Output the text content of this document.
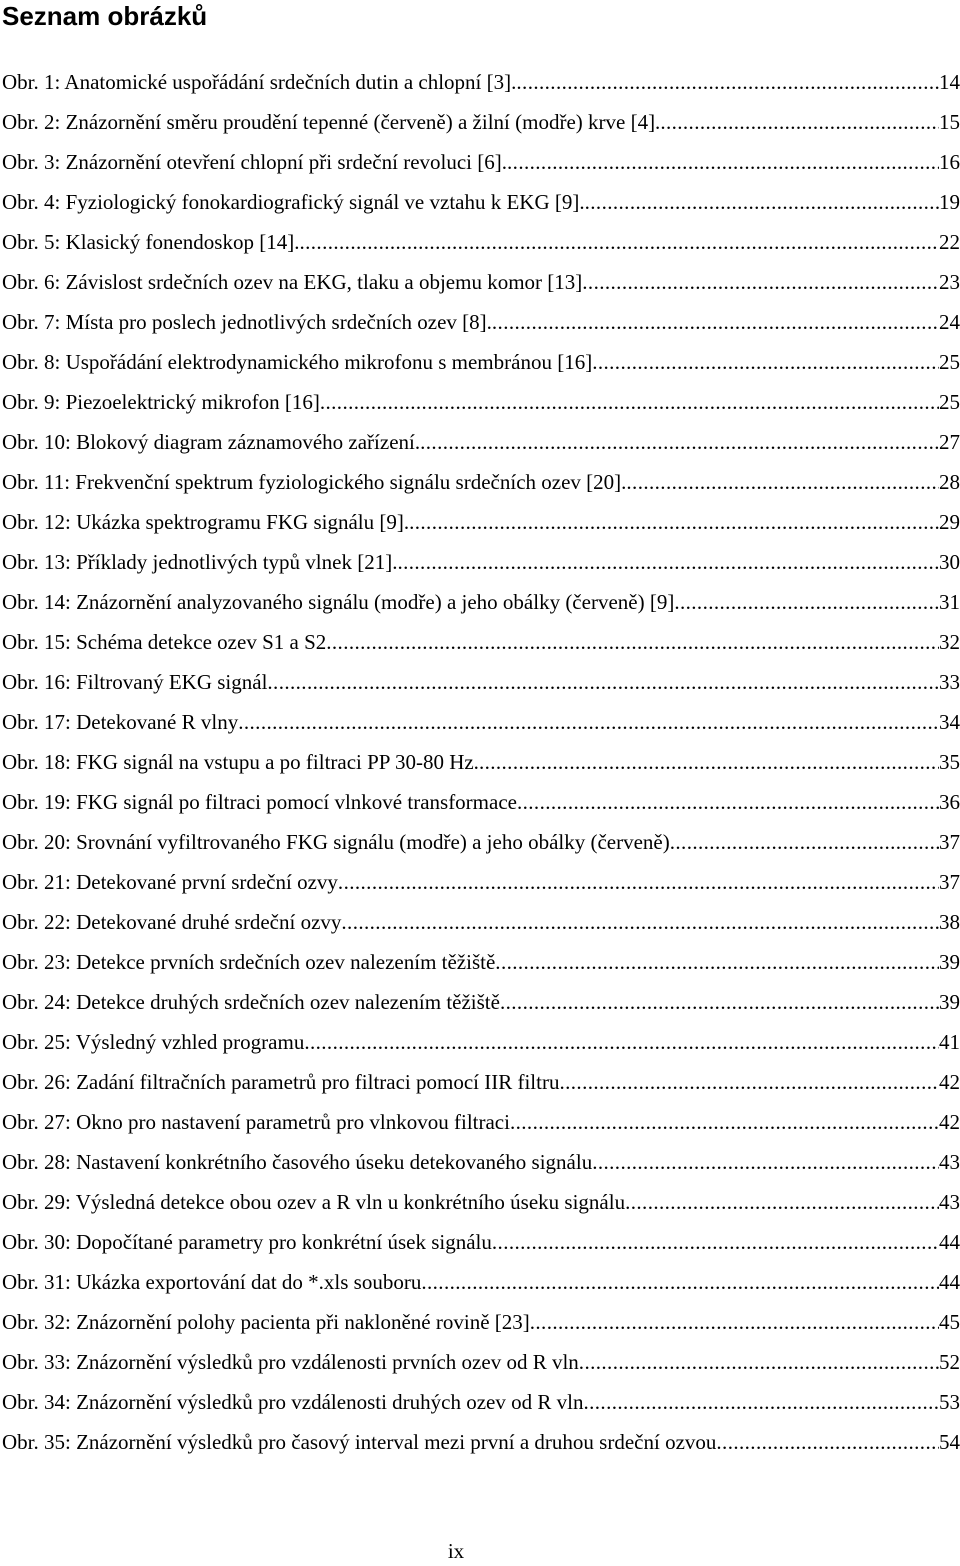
Seznam obrázků
Obr. 1: Anatomické uspořádání srdečních dutin a chlopní [3]. .....	14
Obr. 2: Znázornění směru proudění tepenné (červeně) a žilní (modře) krve [4]. .....	15
Obr. 3: Znázornění otevření chlopní při srdeční revoluci [6]. .....	16
Obr. 4: Fyziologický fonokardiografický signál ve vztahu k EKG [9]. .....	19
Obr. 5: Klasický fonendoskop [14]. .....	22
Obr. 6: Závislost srdečních ozev na EKG, tlaku a objemu komor [13] .....	23
Obr. 7: Místa pro poslech jednotlivých srdečních ozev [8]. .....	24
Obr. 8: Uspořádání elektrodynamického mikrofonu s membránou [16] .....	25
Obr. 9: Piezoelektrický mikrofon [16] .....	25
Obr. 10: Blokový diagram záznamového zařízení. .....	27
Obr. 11: Frekvenční spektrum fyziologického signálu srdečních ozev [20]. .....	28
Obr. 12: Ukázka spektrogramu FKG signálu [9]. .....	29
Obr. 13: Příklady jednotlivých typů vlnek [21]. .....	30
Obr. 14: Znázornění analyzovaného signálu (modře) a jeho obálky (červeně) [9] .....	31
Obr. 15: Schéma detekce ozev S1 a S2 .....	32
Obr. 16: Filtrovaný EKG signál .....	33
Obr. 17: Detekované R vlny .....	34
Obr. 18: FKG signál na vstupu a po filtraci PP 30-80 Hz. .....	35
Obr. 19: FKG signál po filtraci pomocí vlnkové transformace .....	36
Obr. 20: Srovnání vyfiltrovaného FKG signálu (modře) a jeho obálky (červeně) .....	37
Obr. 21: Detekované první srdeční ozvy .....	37
Obr. 22: Detekované druhé srdeční ozvy .....	38
Obr. 23: Detekce prvních srdečních ozev nalezením těžiště .....	39
Obr. 24: Detekce druhých srdečních ozev nalezením těžiště .....	39
Obr. 25: Výsledný vzhled programu .....	41
Obr. 26: Zadání filtračních parametrů pro filtraci pomocí IIR filtru .....	42
Obr. 27: Okno pro nastavení parametrů pro vlnkovou filtraci .....	42
Obr. 28: Nastavení konkrétního časového úseku detekovaného signálu .....	43
Obr. 29: Výsledná detekce obou ozev a R vln u konkrétního úseku signálu .....	43
Obr. 30: Dopočítané parametry pro konkrétní úsek signálu .....	44
Obr. 31: Ukázka exportování dat do *.xls souboru .....	44
Obr. 32: Znázornění polohy pacienta při nakloněné rovině [23] .....	45
Obr. 33: Znázornění výsledků pro vzdálenosti prvních ozev od R vln .....	52
Obr. 34: Znázornění výsledků pro vzdálenosti druhých ozev od R vln .....	53
Obr. 35: Znázornění výsledků pro časový interval mezi první a druhou srdeční ozvou .....	54
ix
